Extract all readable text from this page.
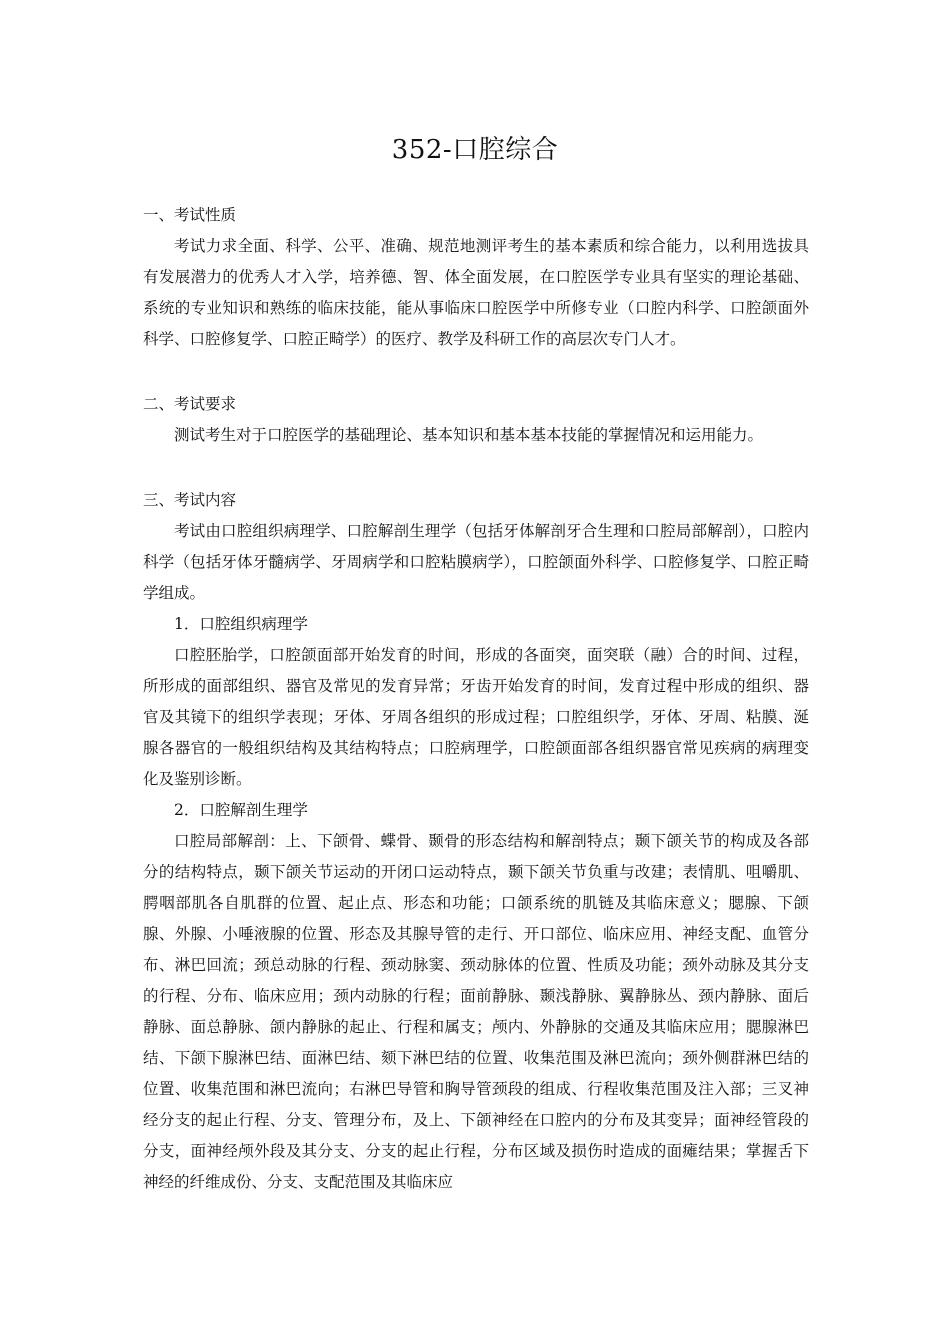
352-口腔综合

一、考试性质

考试力求全面、科学、公平、准确、规范地测评考生的基本素质和综合能力，以利用选拔具有发展潜力的优秀人才入学，培养德、智、体全面发展，在口腔医学专业具有坚实的理论基础、系统的专业知识和熟练的临床技能，能从事临床口腔医学中所修专业（口腔内科学、口腔颌面外科学、口腔修复学、口腔正畸学）的医疗、教学及科研工作的高层次专门人才。

二、考试要求

测试考生对于口腔医学的基础理论、基本知识和基本基本技能的掌握情况和运用能力。

三、考试内容

考试由口腔组织病理学、口腔解剖生理学（包括牙体解剖牙合生理和口腔局部解剖），口腔内科学（包括牙体牙髓病学、牙周病学和口腔粘膜病学），口腔颌面外科学、口腔修复学、口腔正畸学组成。

1．口腔组织病理学

口腔胚胎学，口腔颌面部开始发育的时间，形成的各面突，面突联（融）合的时间、过程，所形成的面部组织、器官及常见的发育异常；牙齿开始发育的时间，发育过程中形成的组织、器官及其镜下的组织学表现；牙体、牙周各组织的形成过程；口腔组织学，牙体、牙周、粘膜、涎腺各器官的一般组织结构及其结构特点；口腔病理学，口腔颌面部各组织器官常见疾病的病理变化及鉴别诊断。

2．口腔解剖生理学

口腔局部解剖：上、下颌骨、蝶骨、颞骨的形态结构和解剖特点；颞下颌关节的构成及各部分的结构特点，颞下颌关节运动的开闭口运动特点，颞下颌关节负重与改建；表情肌、咀嚼肌、腭咽部肌各自肌群的位置、起止点、形态和功能；口颌系统的肌链及其临床意义；腮腺、下颌腺、外腺、小唾液腺的位置、形态及其腺导管的走行、开口部位、临床应用、神经支配、血管分布、淋巴回流；颈总动脉的行程、颈动脉窦、颈动脉体的位置、性质及功能；颈外动脉及其分支的行程、分布、临床应用；颈内动脉的行程；面前静脉、颞浅静脉、翼静脉丛、颈内静脉、面后静脉、面总静脉、颌内静脉的起止、行程和属支；颅内、外静脉的交通及其临床应用；腮腺淋巴结、下颌下腺淋巴结、面淋巴结、颏下淋巴结的位置、收集范围及淋巴流向；颈外侧群淋巴结的位置、收集范围和淋巴流向；右淋巴导管和胸导管颈段的组成、行程收集范围及注入部；三叉神经分支的起止行程、分支、管理分布，及上、下颌神经在口腔内的分布及其变异；面神经管段的分支，面神经颅外段及其分支、分支的起止行程，分布区域及损伤时造成的面瘫结果；掌握舌下神经的纤维成份、分支、支配范围及其临床应
